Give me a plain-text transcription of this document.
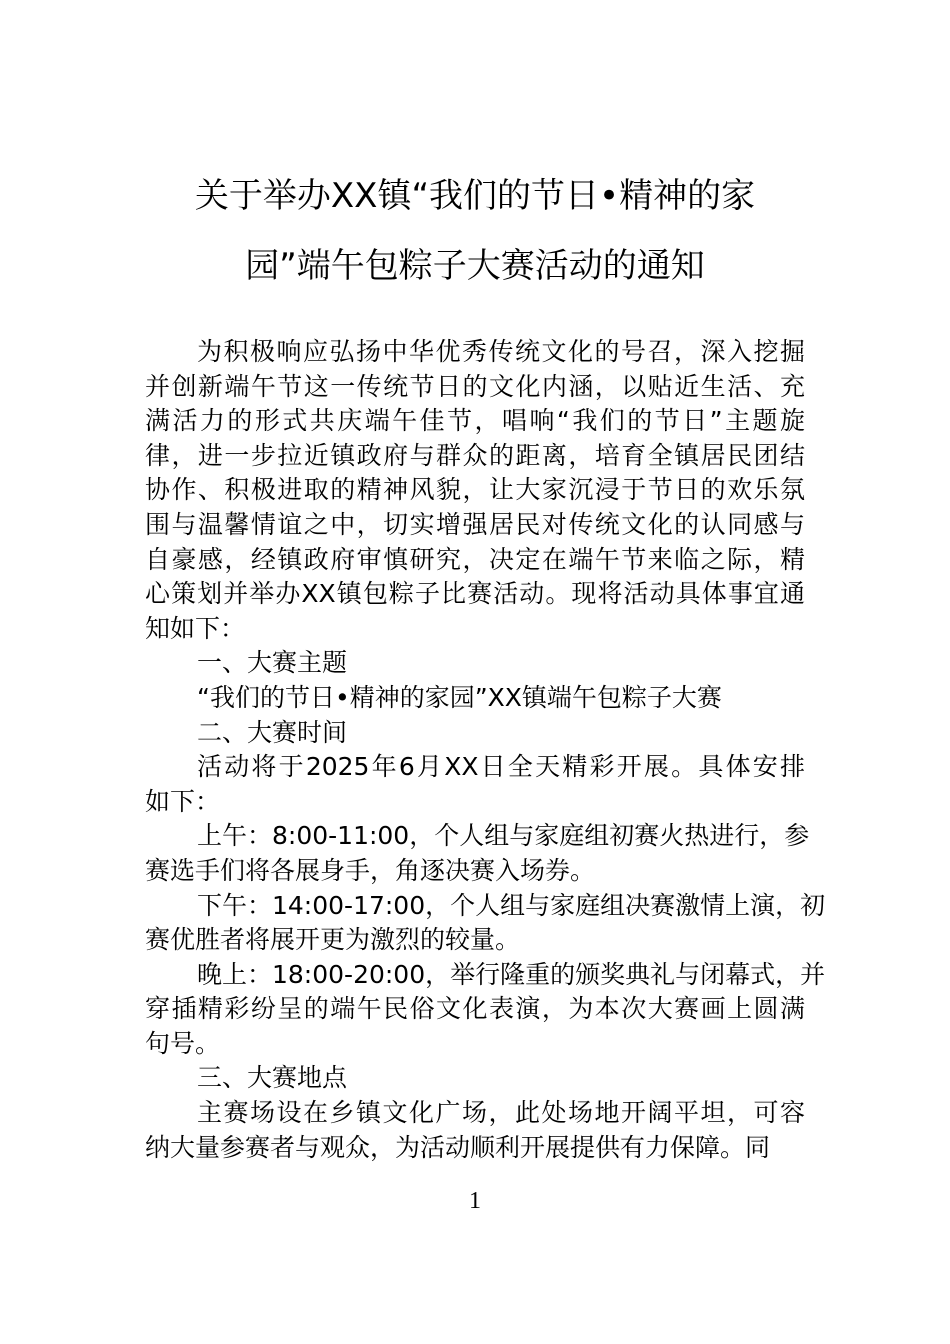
关于举办XX镇“我们的节日•精神的家
园”端午包粽子大赛活动的通知
为积极响应弘扬中华优秀传统文化的号召，深入挖掘
并创新端午节这一传统节日的文化内涵，以贴近生活、充
满活力的形式共庆端午佳节，唱响“我们的节日”主题旋
律，进一步拉近镇政府与群众的距离，培育全镇居民团结
协作、积极进取的精神风貌，让大家沉浸于节日的欢乐氛
围与温馨情谊之中，切实增强居民对传统文化的认同感与
自豪感，经镇政府审慎研究，决定在端午节来临之际，精
心策划并举办XX镇包粽子比赛活动。现将活动具体事宜通
知如下：
一、大赛主题
“我们的节日•精神的家园”XX镇端午包粽子大赛
二、大赛时间
活动将于2025年6月XX日全天精彩开展。具体安排
如下：
上午：8:00-11:00，个人组与家庭组初赛火热进行，参
赛选手们将各展身手，角逐决赛入场券。
下午：14:00-17:00，个人组与家庭组决赛激情上演，初
赛优胜者将展开更为激烈的较量。
晚上：18:00-20:00，举行隆重的颁奖典礼与闭幕式，并
穿插精彩纷呈的端午民俗文化表演，为本次大赛画上圆满
句号。
三、大赛地点
主赛场设在乡镇文化广场，此处场地开阔平坦，可容
纳大量参赛者与观众，为活动顺利开展提供有力保障。同
1
